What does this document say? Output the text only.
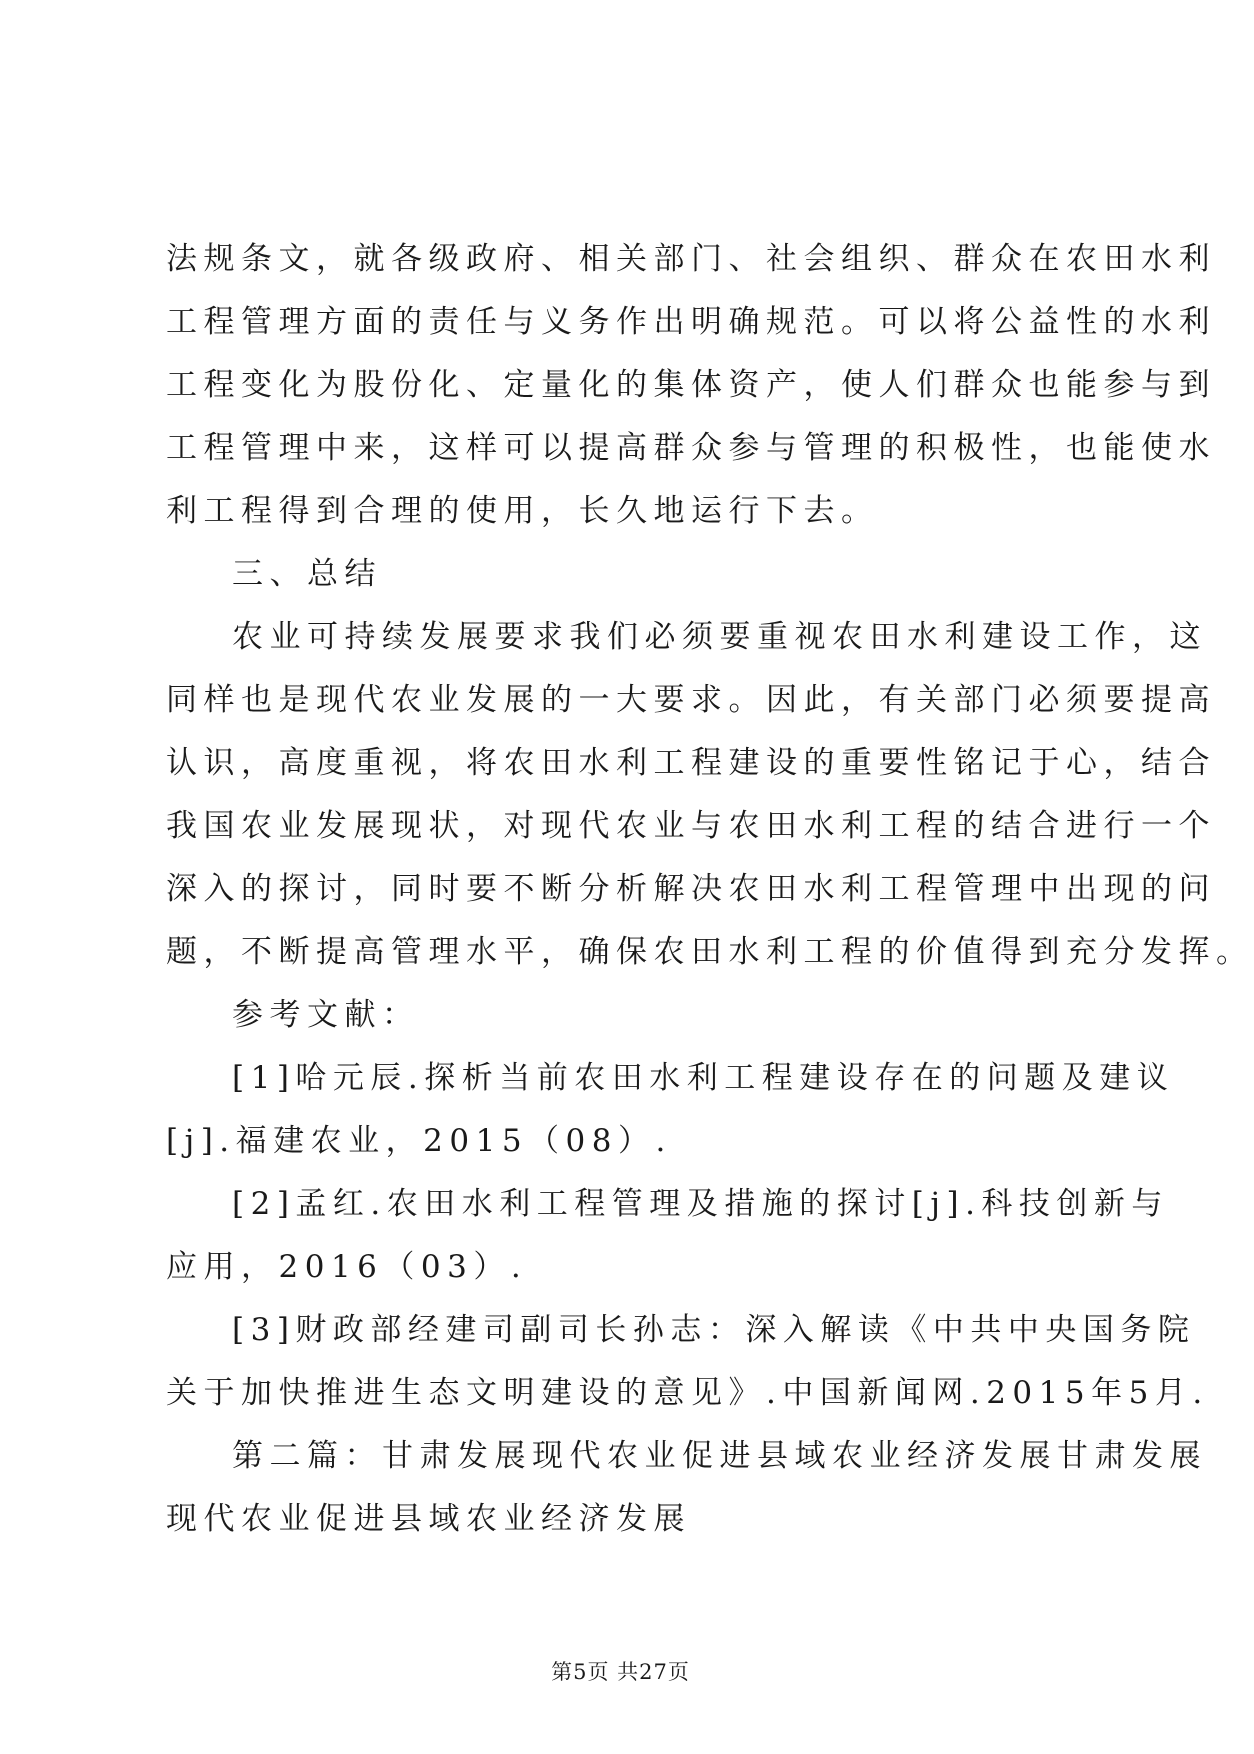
法规条文，就各级政府、相关部门、社会组织、群众在农田水利
工程管理方面的责任与义务作出明确规范。可以将公益性的水利
工程变化为股份化、定量化的集体资产，使人们群众也能参与到
工程管理中来，这样可以提高群众参与管理的积极性，也能使水
利工程得到合理的使用，长久地运行下去。
三、总结
农业可持续发展要求我们必须要重视农田水利建设工作，这
同样也是现代农业发展的一大要求。因此，有关部门必须要提高
认识，高度重视，将农田水利工程建设的重要性铭记于心，结合
我国农业发展现状，对现代农业与农田水利工程的结合进行一个
深入的探讨，同时要不断分析解决农田水利工程管理中出现的问
题，不断提高管理水平，确保农田水利工程的价值得到充分发挥。
参考文献：
[1]哈元辰.探析当前农田水利工程建设存在的问题及建议
[j].福建农业，2015（08）.
[2]孟红.农田水利工程管理及措施的探讨[j].科技创新与
应用，2016（03）.
[3]财政部经建司副司长孙志：深入解读《中共中央国务院
关于加快推进生态文明建设的意见》.中国新闻网.2015年5月.
第二篇：甘肃发展现代农业促进县域农业经济发展甘肃发展
现代农业促进县域农业经济发展
第5页 共27页
